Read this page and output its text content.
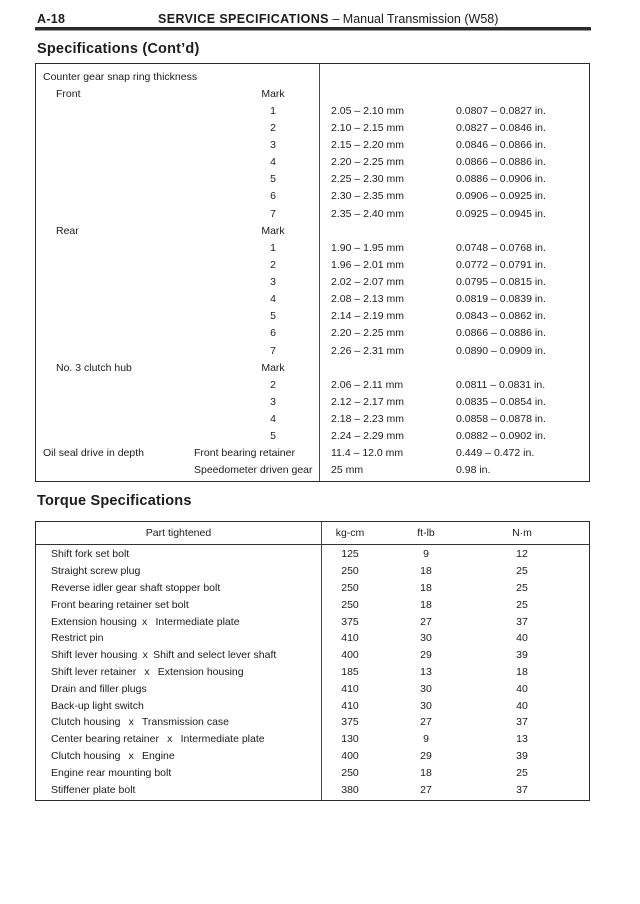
A-18	SERVICE SPECIFICATIONS – Manual Transmission (W58)
Specifications (Cont’d)
Counter gear snap ring thickness
Front	Mark
1	2.05 – 2.10 mm	0.0807 – 0.0827 in.
2	2.10 – 2.15 mm	0.0827 – 0.0846 in.
3	2.15 – 2.20 mm	0.0846 – 0.0866 in.
4	2.20 – 2.25 mm	0.0866 – 0.0886 in.
5	2.25 – 2.30 mm	0.0886 – 0.0906 in.
6	2.30 – 2.35 mm	0.0906 – 0.0925 in.
7	2.35 – 2.40 mm	0.0925 – 0.0945 in.
Rear	Mark
1	1.90 – 1.95 mm	0.0748 – 0.0768 in.
2	1.96 – 2.01 mm	0.0772 – 0.0791 in.
3	2.02 – 2.07 mm	0.0795 – 0.0815 in.
4	2.08 – 2.13 mm	0.0819 – 0.0839 in.
5	2.14 – 2.19 mm	0.0843 – 0.0862 in.
6	2.20 – 2.25 mm	0.0866 – 0.0886 in.
7	2.26 – 2.31 mm	0.0890 – 0.0909 in.
No. 3 clutch hub	Mark
2	2.06 – 2.11 mm	0.0811 – 0.0831 in.
3	2.12 – 2.17 mm	0.0835 – 0.0854 in.
4	2.18 – 2.23 mm	0.0858 – 0.0878 in.
5	2.24 – 2.29 mm	0.0882 – 0.0902 in.
Oil seal drive in depth	Front bearing retainer	11.4 – 12.0 mm	0.449 – 0.472 in.
Speedometer driven gear 25 mm	0.98 in.
Torque Specifications
Part tightened	kg-cm	ft-lb	N·m
Shift fork set bolt	125	9	12
Straight screw plug	250	18	25
Reverse idler gear shaft stopper bolt	250	18	25
Front bearing retainer set bolt	250	18	25
Extension housing x  Intermediate plate	375	27	37
Restrict pin	410	30	40
Shift lever housing x Shift and select lever shaft	400	29	39
Shift lever retainer  x  Extension housing	185	13	18
Drain and filler plugs	410	30	40
Back-up light switch	410	30	40
Clutch housing  x  Transmission case	375	27	37
Center bearing retainer  x  Intermediate plate	130	9	13
Clutch housing  x  Engine	400	29	39
Engine rear mounting bolt	250	18	25
Stiffener plate bolt	380	27	37
